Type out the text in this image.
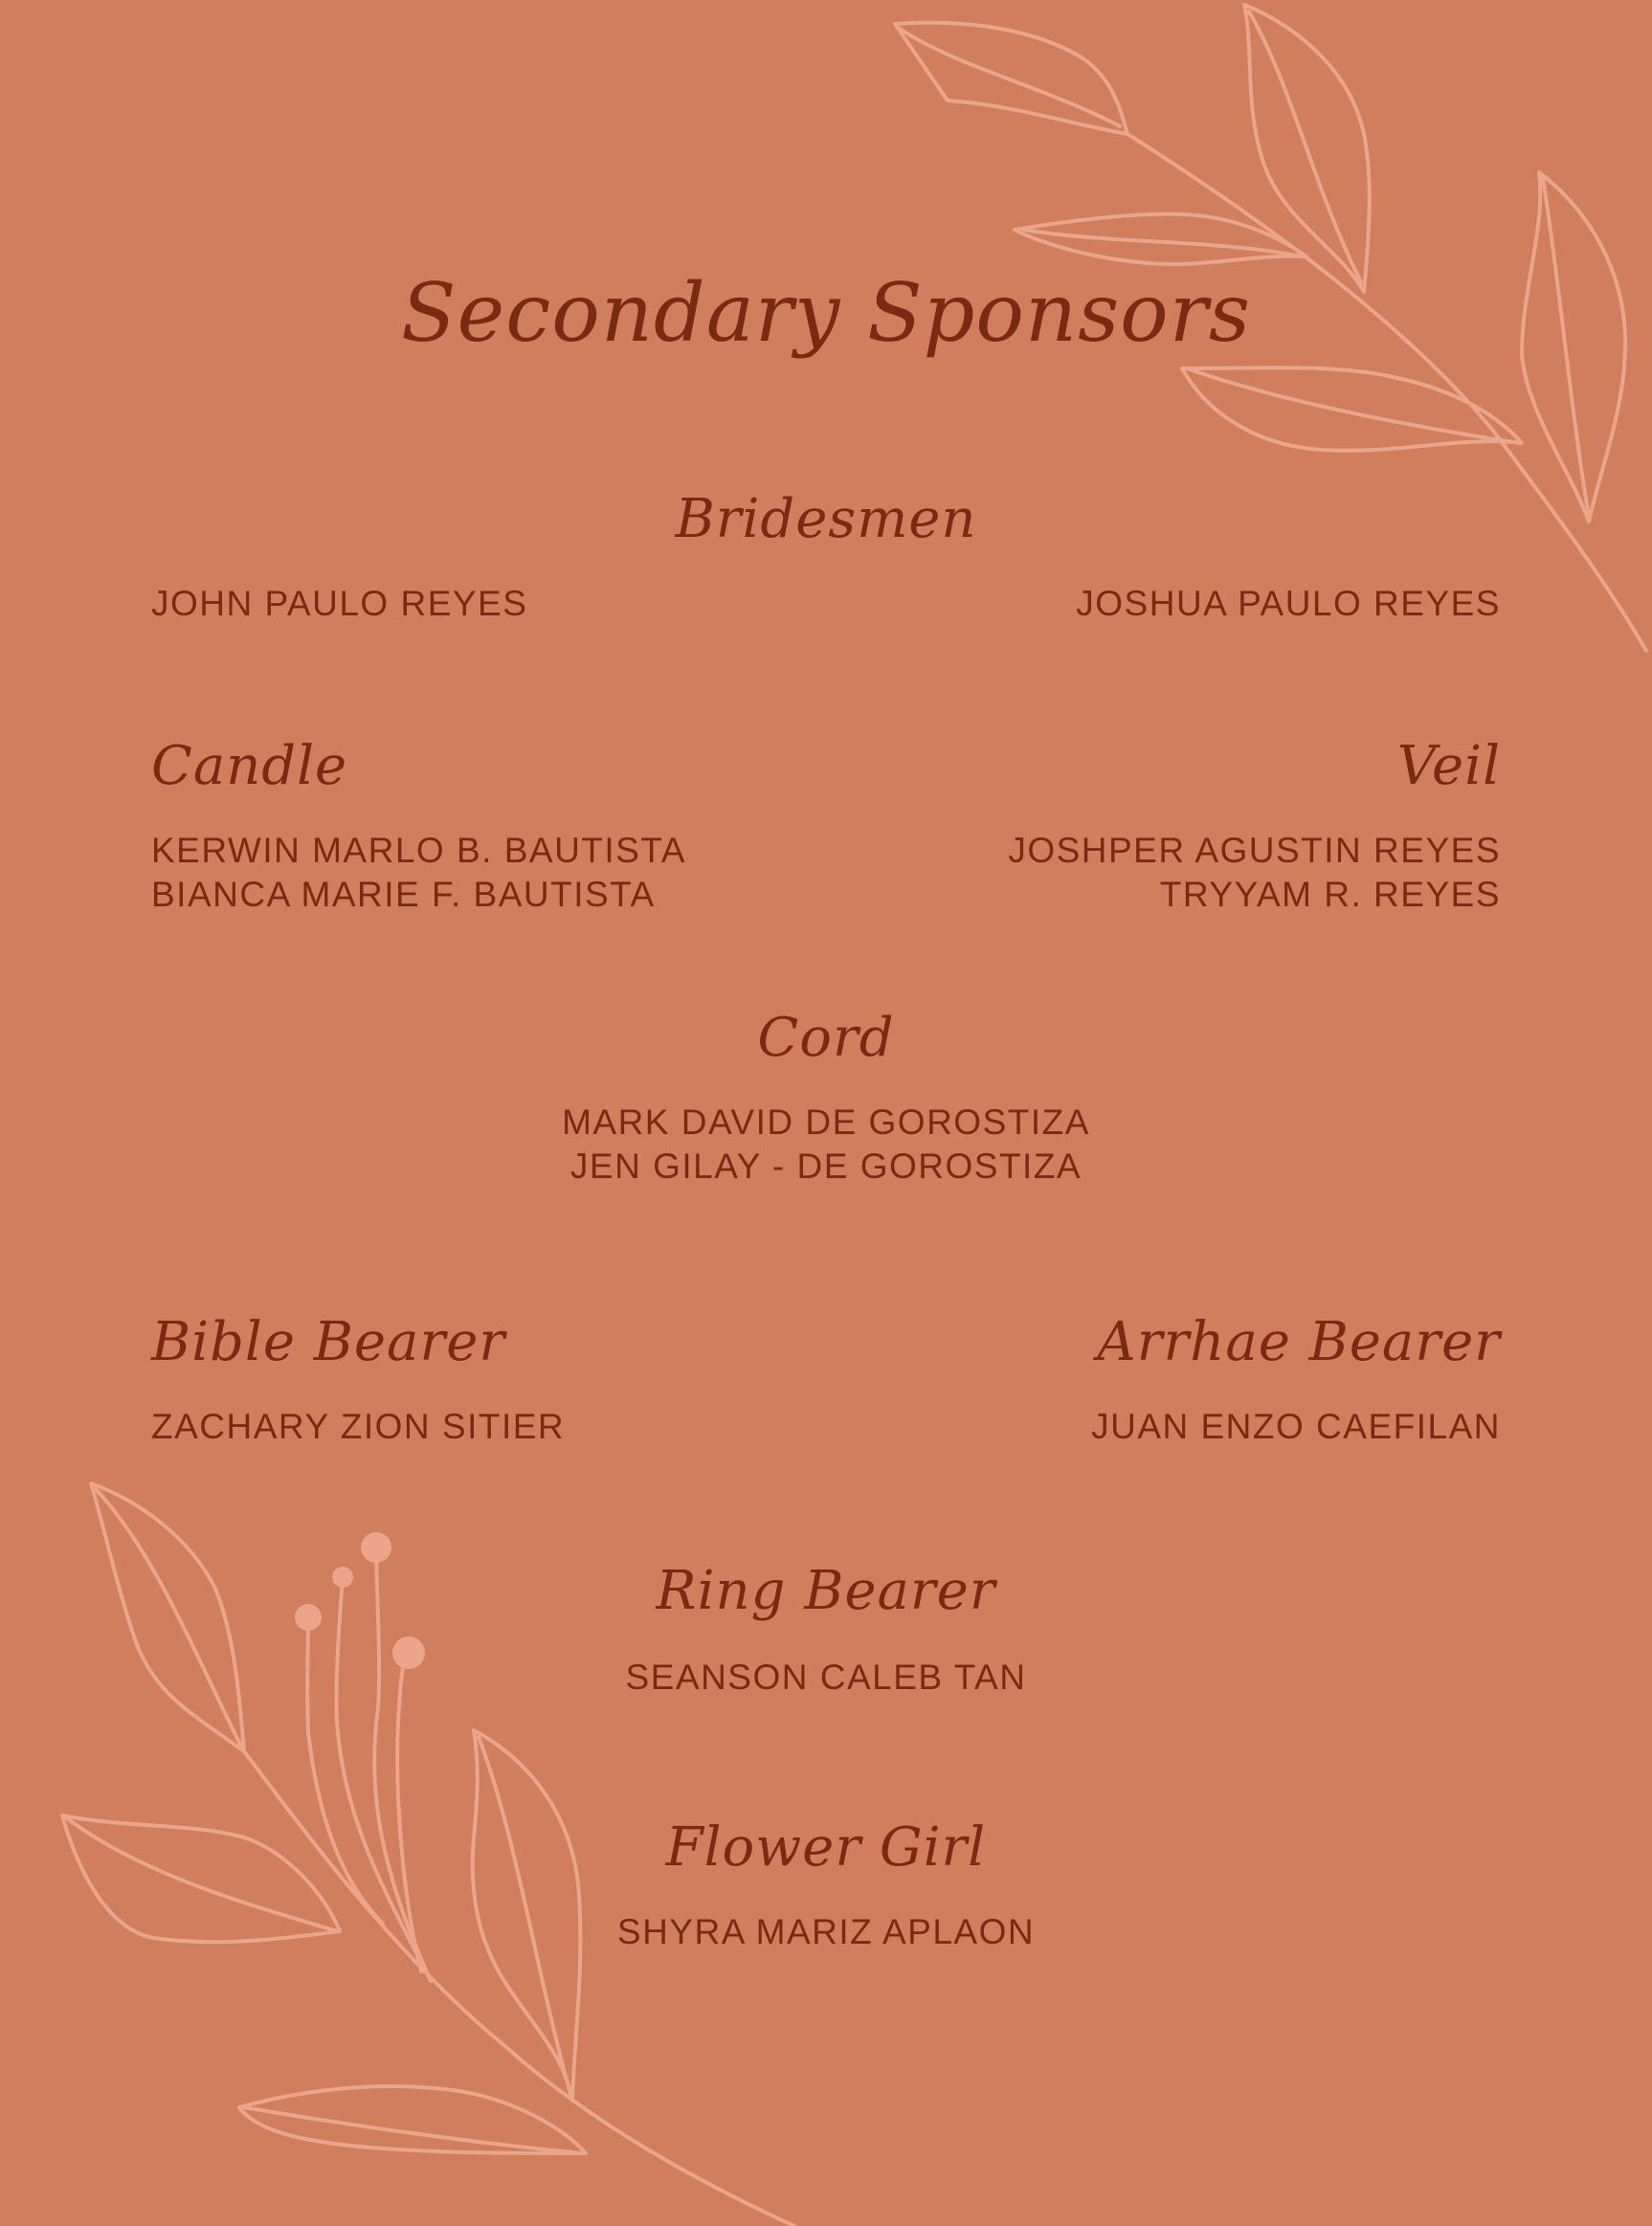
Secondary Sponsors
Bridesmen
JOHN PAULO REYES	JOSHUA PAULO REYES
Candle
KERWIN MARLO B. BAUTISTA
BIANCA MARIE F. BAUTISTA
Veil
JOSHPER AGUSTIN REYES
TRYYAM R. REYES
Cord
MARK DAVID DE GOROSTIZA
JEN GILAY - DE GOROSTIZA
Bible Bearer
ZACHARY ZION SITIER
Arrhae Bearer
JUAN ENZO CAEFILAN
Ring Bearer
SEANSON CALEB TAN
Flower Girl
SHYRA MARIZ APLAON
